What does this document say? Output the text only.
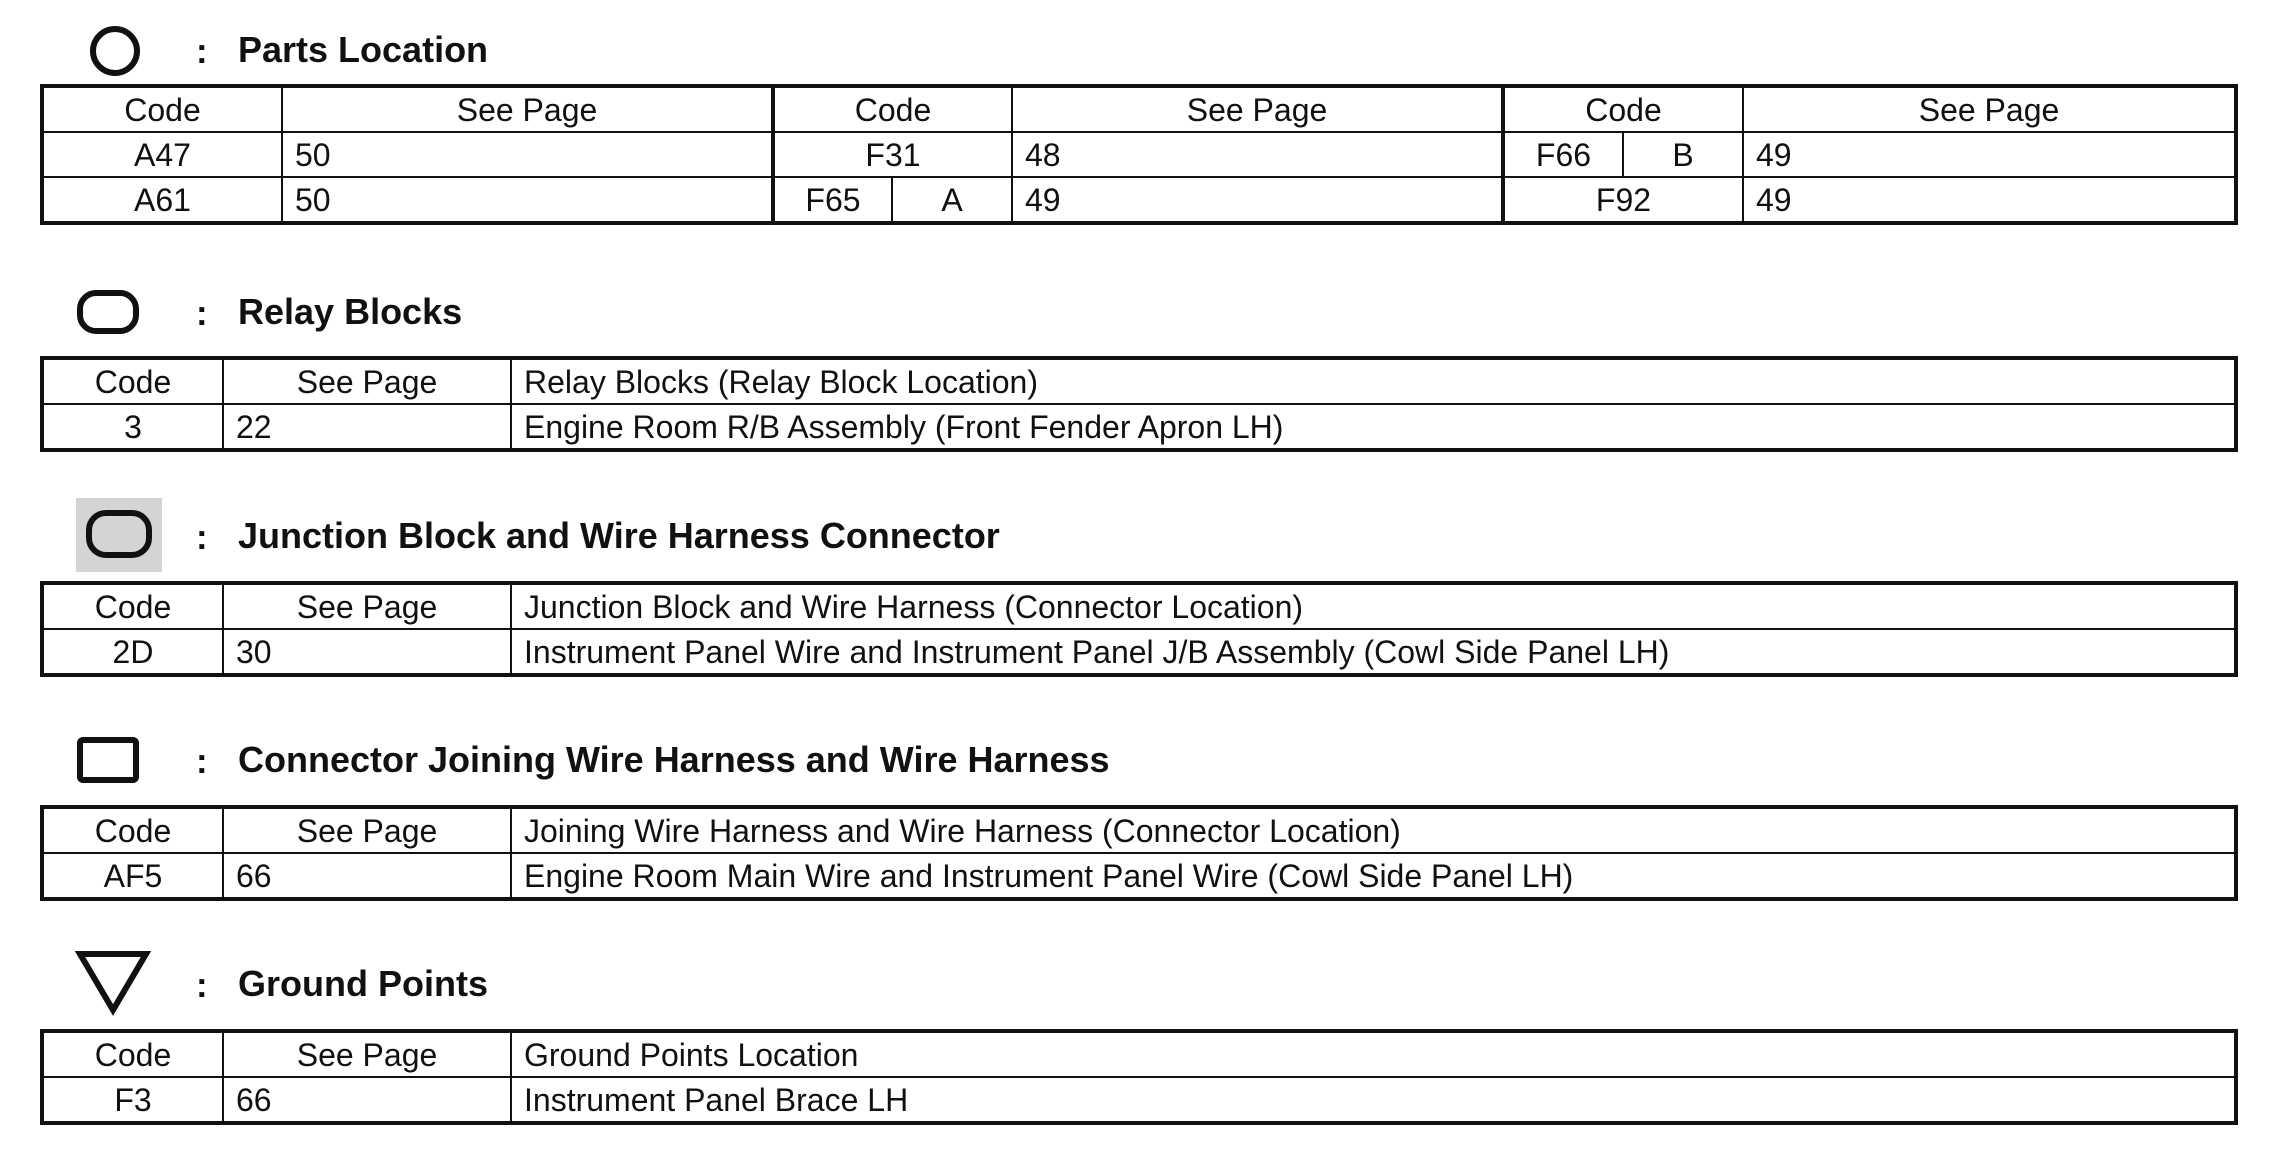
: Parts Location
Code	See Page	Code		See Page	Code		See Page
A47	50	F31		48	F66	B	49
A61	50	F65	A	49	F92		49
: Relay Blocks
Code	See Page	Relay Blocks (Relay Block Location)
3	22	Engine Room R/B Assembly (Front Fender Apron LH)
: Junction Block and Wire Harness Connector
Code	See Page	Junction Block and Wire Harness (Connector Location)
2D	30	Instrument Panel Wire and Instrument Panel J/B Assembly (Cowl Side Panel LH)
: Connector Joining Wire Harness and Wire Harness
Code	See Page	Joining Wire Harness and Wire Harness (Connector Location)
AF5	66	Engine Room Main Wire and Instrument Panel Wire (Cowl Side Panel LH)
: Ground Points
Code	See Page	Ground Points Location
F3	66	Instrument Panel Brace LH
